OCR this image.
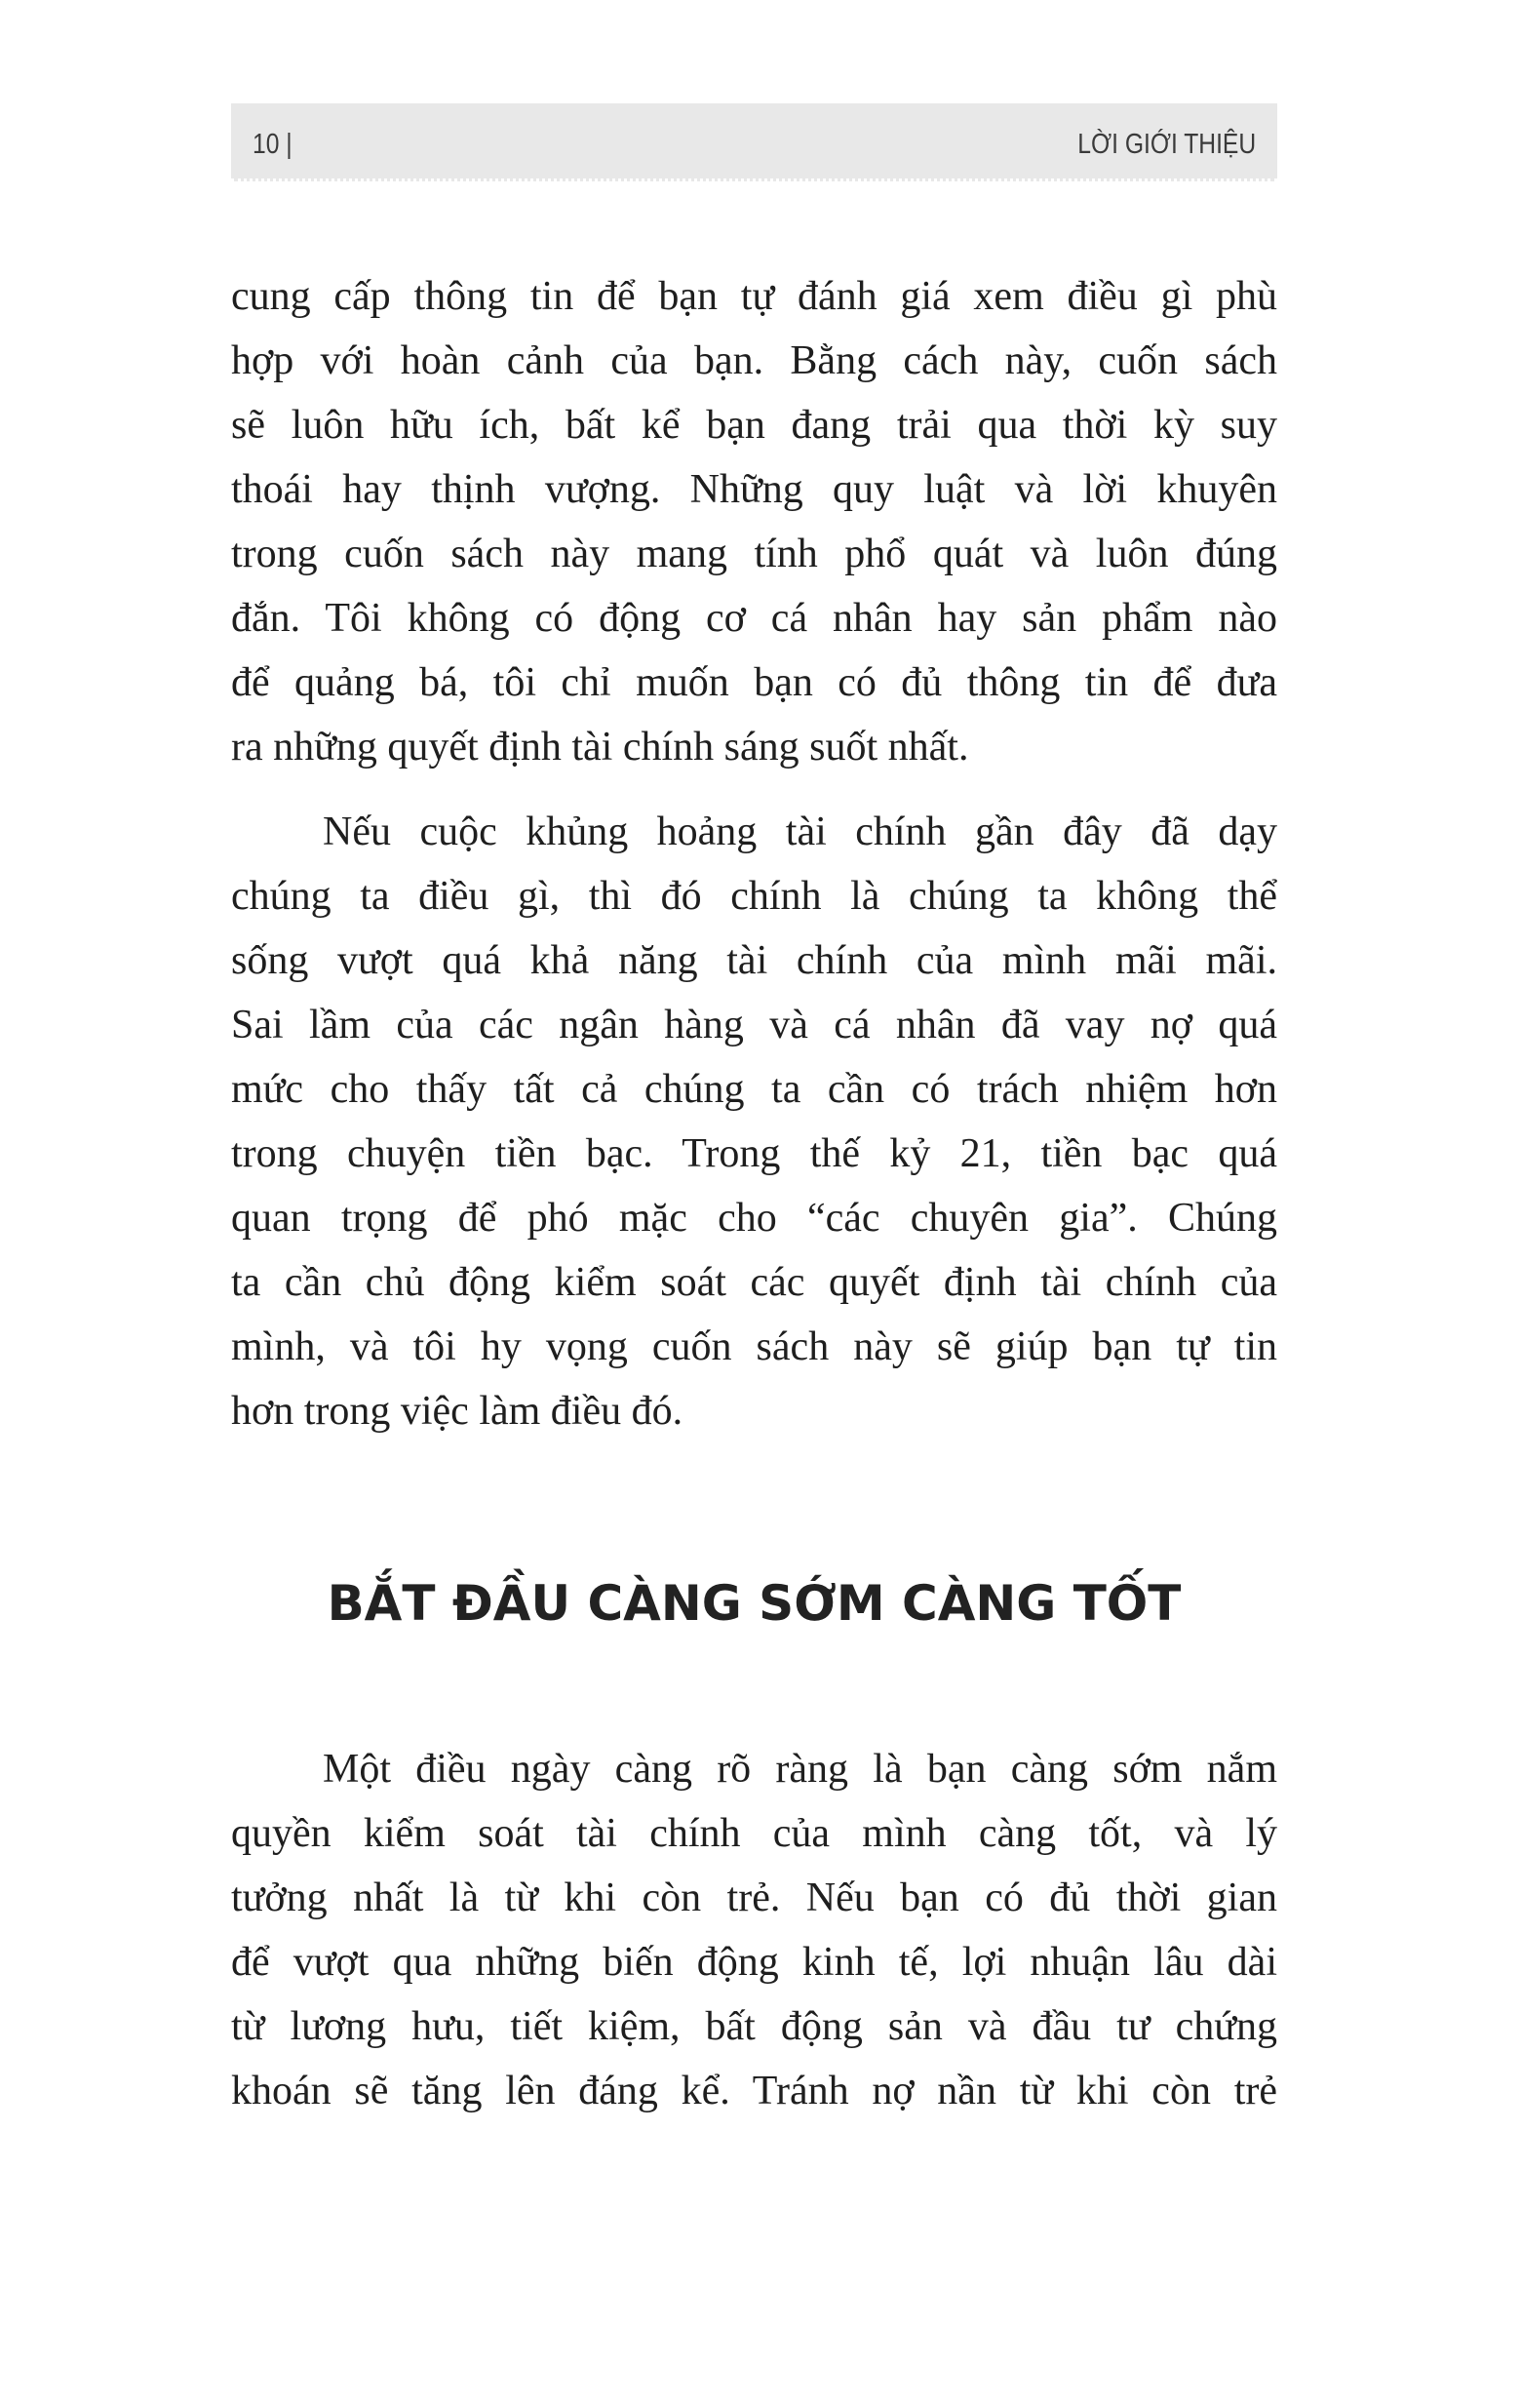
10 |	LỜI GIỚI THIỆU
cung cấp thông tin để bạn tự đánh giá xem điều gì phù
hợp với hoàn cảnh của bạn. Bằng cách này, cuốn sách
sẽ luôn hữu ích, bất kể bạn đang trải qua thời kỳ suy
thoái hay thịnh vượng. Những quy luật và lời khuyên
trong cuốn sách này mang tính phổ quát và luôn đúng
đắn. Tôi không có động cơ cá nhân hay sản phẩm nào
để quảng bá, tôi chỉ muốn bạn có đủ thông tin để đưa
ra những quyết định tài chính sáng suốt nhất.
Nếu cuộc khủng hoảng tài chính gần đây đã dạy
chúng ta điều gì, thì đó chính là chúng ta không thể
sống vượt quá khả năng tài chính của mình mãi mãi.
Sai lầm của các ngân hàng và cá nhân đã vay nợ quá
mức cho thấy tất cả chúng ta cần có trách nhiệm hơn
trong chuyện tiền bạc. Trong thế kỷ 21, tiền bạc quá
quan trọng để phó mặc cho “các chuyên gia”. Chúng
ta cần chủ động kiểm soát các quyết định tài chính của
mình, và tôi hy vọng cuốn sách này sẽ giúp bạn tự tin
hơn trong việc làm điều đó.
BẮT ĐẦU CÀNG SỚM CÀNG TỐT
Một điều ngày càng rõ ràng là bạn càng sớm nắm
quyền kiểm soát tài chính của mình càng tốt, và lý
tưởng nhất là từ khi còn trẻ. Nếu bạn có đủ thời gian
để vượt qua những biến động kinh tế, lợi nhuận lâu dài
từ lương hưu, tiết kiệm, bất động sản và đầu tư chứng
khoán sẽ tăng lên đáng kể. Tránh nợ nần từ khi còn trẻ
